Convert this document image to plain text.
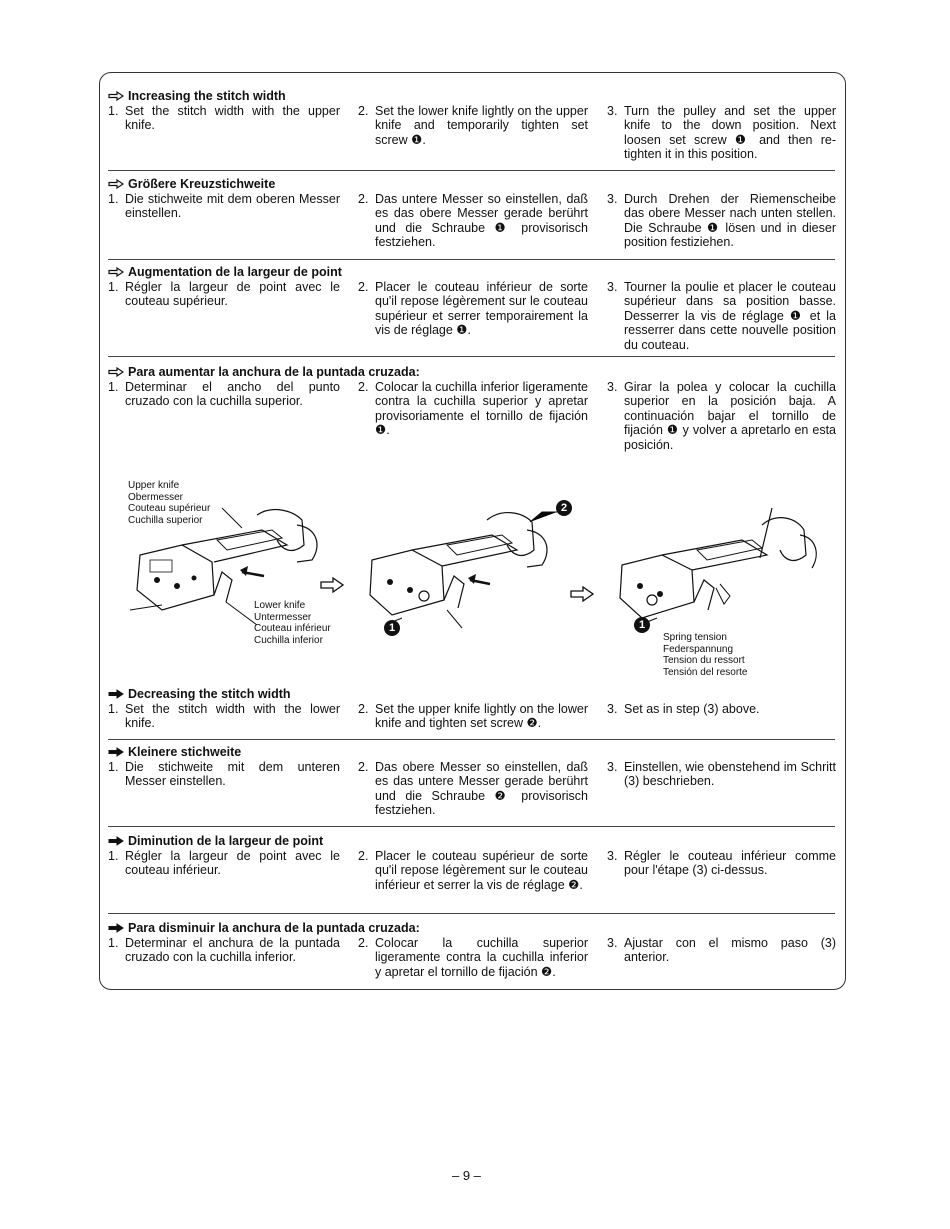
Increasing the stitch width
1. Set the stitch width with the upper knife.
2. Set the lower knife lightly on the upper knife and temporarily tighten set screw ❶.
3. Turn the pulley and set the upper knife to the down position. Next loosen set screw ❶ and then re-tighten it in this position.
Größere Kreuzstichweite
1. Die stichweite mit dem oberen Messer einstellen.
2. Das untere Messer so einstellen, daß es das obere Messer gerade berührt und die Schraube ❶ provisorisch festziehen.
3. Durch Drehen der Riemenscheibe das obere Messer nach unten stellen. Die Schraube ❶ lösen und in dieser position festiziehen.
Augmentation de la largeur de point
1. Régler la largeur de point avec le couteau supérieur.
2. Placer le couteau inférieur de sorte qu'il repose légèrement sur le couteau supérieur et serrer temporairement la vis de réglage ❶.
3. Tourner la poulie et placer le couteau supérieur dans sa position basse. Desserrer la vis de réglage ❶ et la resserrer dans cette nouvelle position du couteau.
Para aumentar la anchura de la puntada cruzada:
1. Determinar el ancho del punto cruzado con la cuchilla superior.
2. Colocar la cuchilla inferior ligeramente contra la cuchilla superior y apretar provisoriamente el tornillo de fijación ❶.
3. Girar la polea y colocar la cuchilla superior en la posición baja. A continuación bajar el tornillo de fijación ❶ y volver a apretarlo en esta posición.
Upper knife
Obermesser
Couteau supérieur
Cuchilla superior
Lower knife
Untermesser
Couteau inférieur
Cuchilla inferior
2
1	1
Spring tension
Federspannung
Tension du ressort
Tensión del resorte
Decreasing the stitch width
1. Set the stitch width with the lower knife.
2. Set the upper knife lightly on the lower knife and tighten set screw ❷.
3. Set as in step (3) above.
Kleinere stichweite
1. Die stichweite mit dem unteren Messer einstellen.
2. Das obere Messer so einstellen, daß es das untere Messer gerade berührt und die Schraube ❷ provisorisch festziehen.
3. Einstellen, wie obenstehend im Schritt (3) beschrieben.
Diminution de la largeur de point
1. Régler la largeur de point avec le couteau inférieur.
2. Placer le couteau supérieur de sorte qu'il repose légèrement sur le couteau inférieur et serrer la vis de réglage ❷.
3. Régler le couteau inférieur comme pour l'étape (3) ci-dessus.
Para disminuir la anchura de la puntada cruzada:
1. Determinar el anchura de la puntada cruzado con la cuchilla inferior.
2. Colocar la cuchilla superior ligeramente contra la cuchilla inferior y apretar el tornillo de fijación ❷.
3. Ajustar con el mismo paso (3) anterior.
– 9 –
